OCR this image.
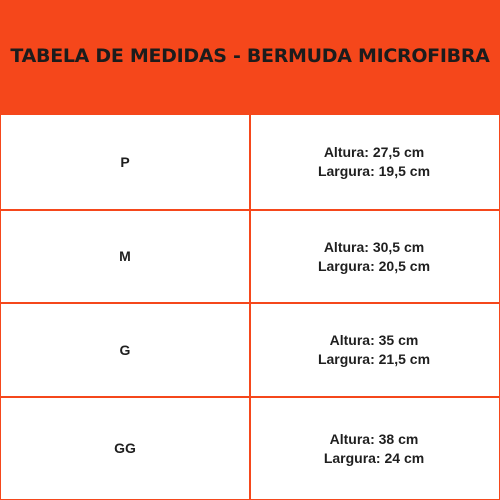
TABELA DE MEDIDAS - BERMUDA MICROFIBRA
P
Altura: 27,5 cm
Largura: 19,5 cm
M
Altura: 30,5 cm
Largura: 20,5 cm
G
Altura: 35 cm
Largura: 21,5 cm
GG
Altura: 38 cm
Largura: 24 cm
